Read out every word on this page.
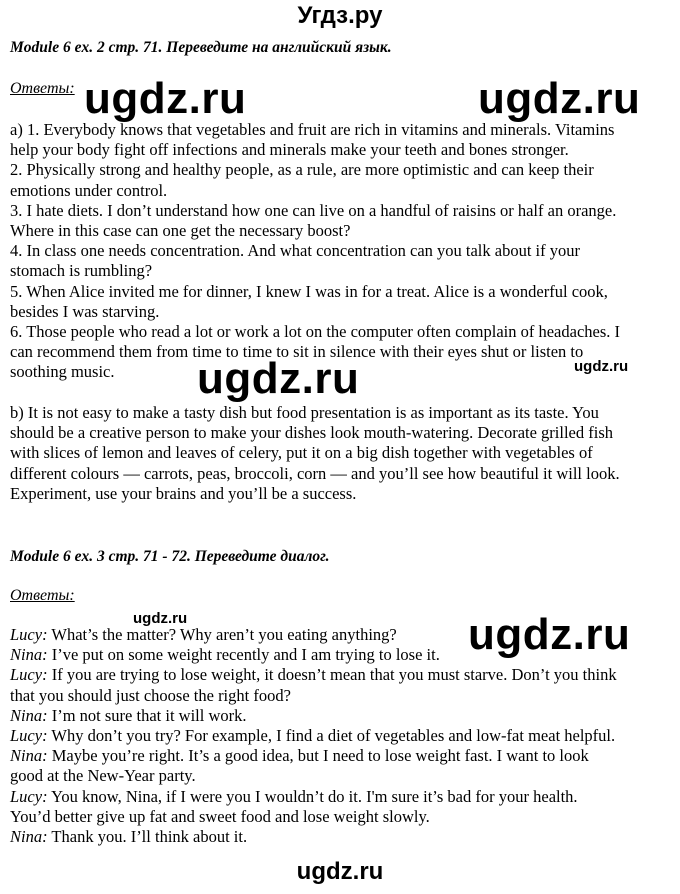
Угдз.ру
Module 6 ex. 2 стр. 71. Переведите на английский язык.
Ответы:
a) 1. Everybody knows that vegetables and fruit are rich in vitamins and minerals. Vitamins
help your body fight off infections and minerals make your teeth and bones stronger.
2. Physically strong and healthy people, as a rule, are more optimistic and can keep their
emotions under control.
3. I hate diets. I don’t understand how one can live on a handful of raisins or half an orange.
Where in this case can one get the necessary boost?
4. In class one needs concentration. And what concentration can you talk about if your
stomach is rumbling?
5. When Alice invited me for dinner, I knew I was in for a treat. Alice is a wonderful cook,
besides I was starving.
6. Those people who read a lot or work a lot on the computer often complain of headaches. I
can recommend them from time to time to sit in silence with their eyes shut or listen to
soothing music.
b) It is not easy to make a tasty dish but food presentation is as important as its taste. You
should be a creative person to make your dishes look mouth-watering. Decorate grilled fish
with slices of lemon and leaves of celery, put it on a big dish together with vegetables of
different colours — carrots, peas, broccoli, corn — and you’ll see how beautiful it will look.
Experiment, use your brains and you’ll be a success.
Module 6 ex. 3 стр. 71 - 72. Переведите диалог.
Ответы:
Lucy: What’s the matter? Why aren’t you eating anything?
Nina: I’ve put on some weight recently and I am trying to lose it.
Lucy: If you are trying to lose weight, it doesn’t mean that you must starve. Don’t you think
that you should just choose the right food?
Nina: I’m not sure that it will work.
Lucy: Why don’t you try? For example, I find a diet of vegetables and low-fat meat helpful.
Nina: Maybe you’re right. It’s a good idea, but I need to lose weight fast. I want to look
good at the New-Year party.
Lucy: You know, Nina, if I were you I wouldn’t do it. I'm sure it’s bad for your health.
You’d better give up fat and sweet food and lose weight slowly.
Nina: Thank you. I’ll think about it.
ugdz.ru	ugdz.ru
ugdz.ru	ugdz.ru
ugdz.ru	ugdz.ru
ugdz.ru
